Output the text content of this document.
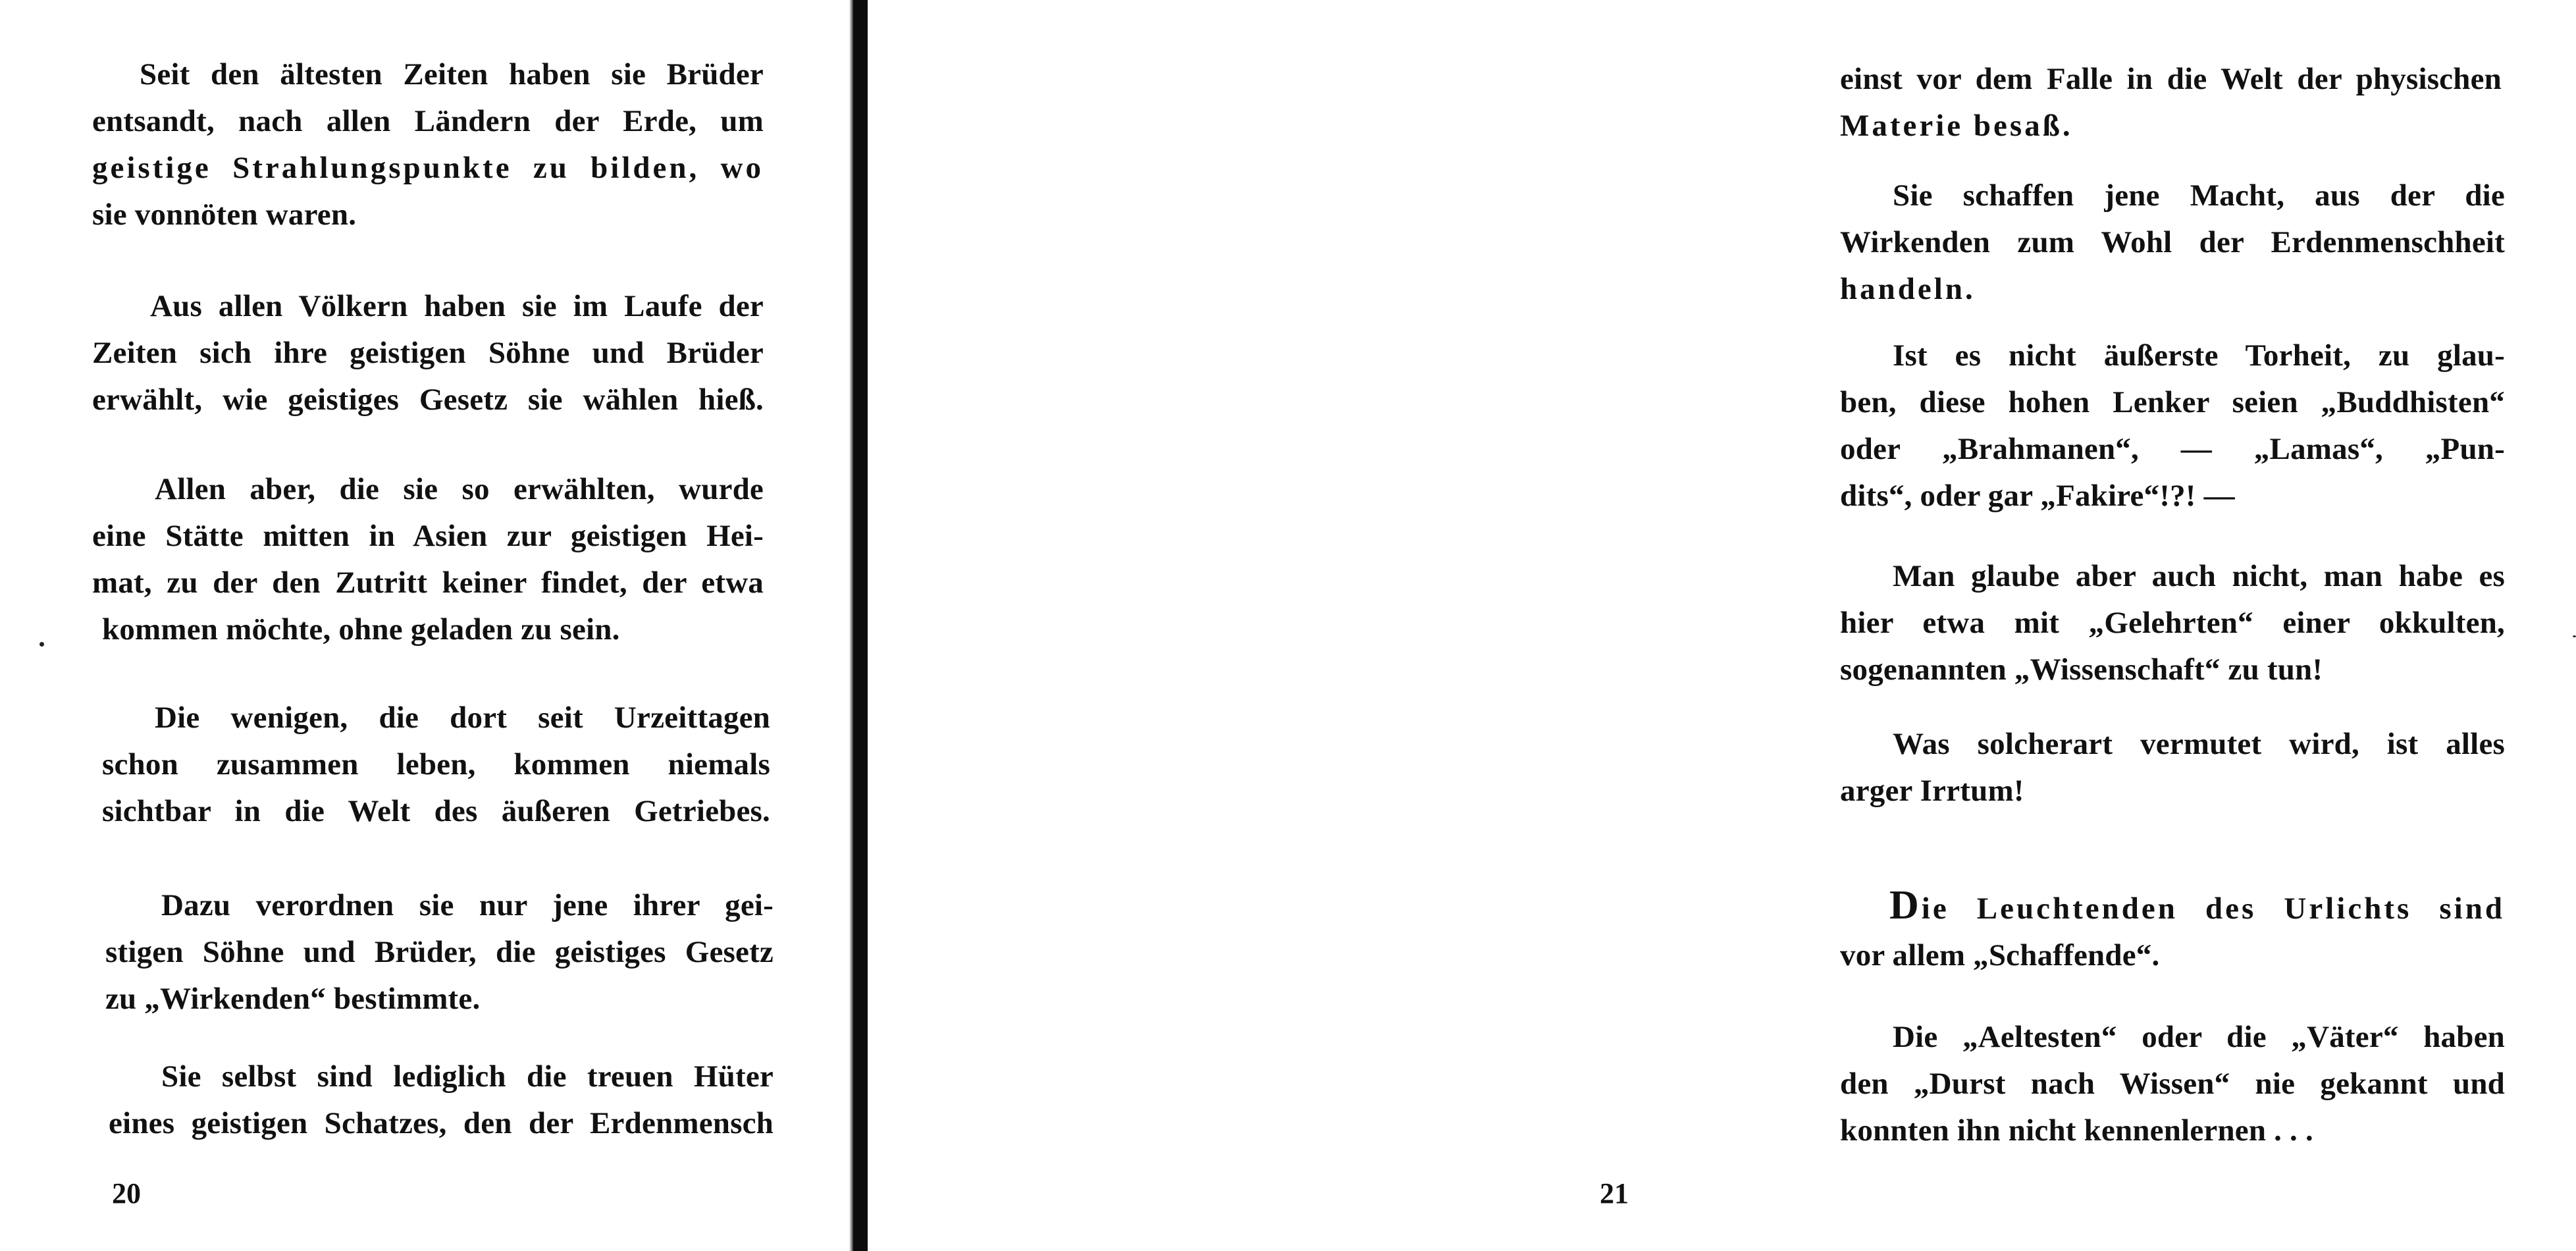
Seit den ältesten Zeiten haben sie Brüder
entsandt, nach allen Ländern der Erde, um
geistige Strahlungspunkte zu bilden, wo
sie vonnöten waren.
Aus allen Völkern haben sie im Laufe der
Zeiten sich ihre geistigen Söhne und Brüder
erwählt, wie geistiges Gesetz sie wählen hieß.
Allen aber, die sie so erwählten, wurde
eine Stätte mitten in Asien zur geistigen Hei-
mat, zu der den Zutritt keiner findet, der etwa
kommen möchte, ohne geladen zu sein.
Die wenigen, die dort seit Urzeittagen
schon zusammen leben, kommen niemals
sichtbar in die Welt des äußeren Getriebes.
Dazu verordnen sie nur jene ihrer gei-
stigen Söhne und Brüder, die geistiges Gesetz
zu „Wirkenden“ bestimmte.
Sie selbst sind lediglich die treuen Hüter
eines geistigen Schatzes, den der Erdenmensch

20

einst vor dem Falle in die Welt der physischen
Materie besaß.
Sie schaffen jene Macht, aus der die
Wirkenden zum Wohl der Erdenmenschheit
handeln.
Ist es nicht äußerste Torheit, zu glau-
ben, diese hohen Lenker seien „Buddhisten“
oder „Brahmanen“, — „Lamas“, „Pun-
dits“, oder gar „Fakire“!?! —
Man glaube aber auch nicht, man habe es
hier etwa mit „Gelehrten“ einer okkulten,
sogenannten „Wissenschaft“ zu tun!
Was solcherart vermutet wird, ist alles
arger Irrtum!
Die Leuchtenden des Urlichts sind
vor allem „Schaffende“.
Die „Aeltesten“ oder die „Väter“ haben
den „Durst nach Wissen“ nie gekannt und
konnten ihn nicht kennenlernen . . .

21
